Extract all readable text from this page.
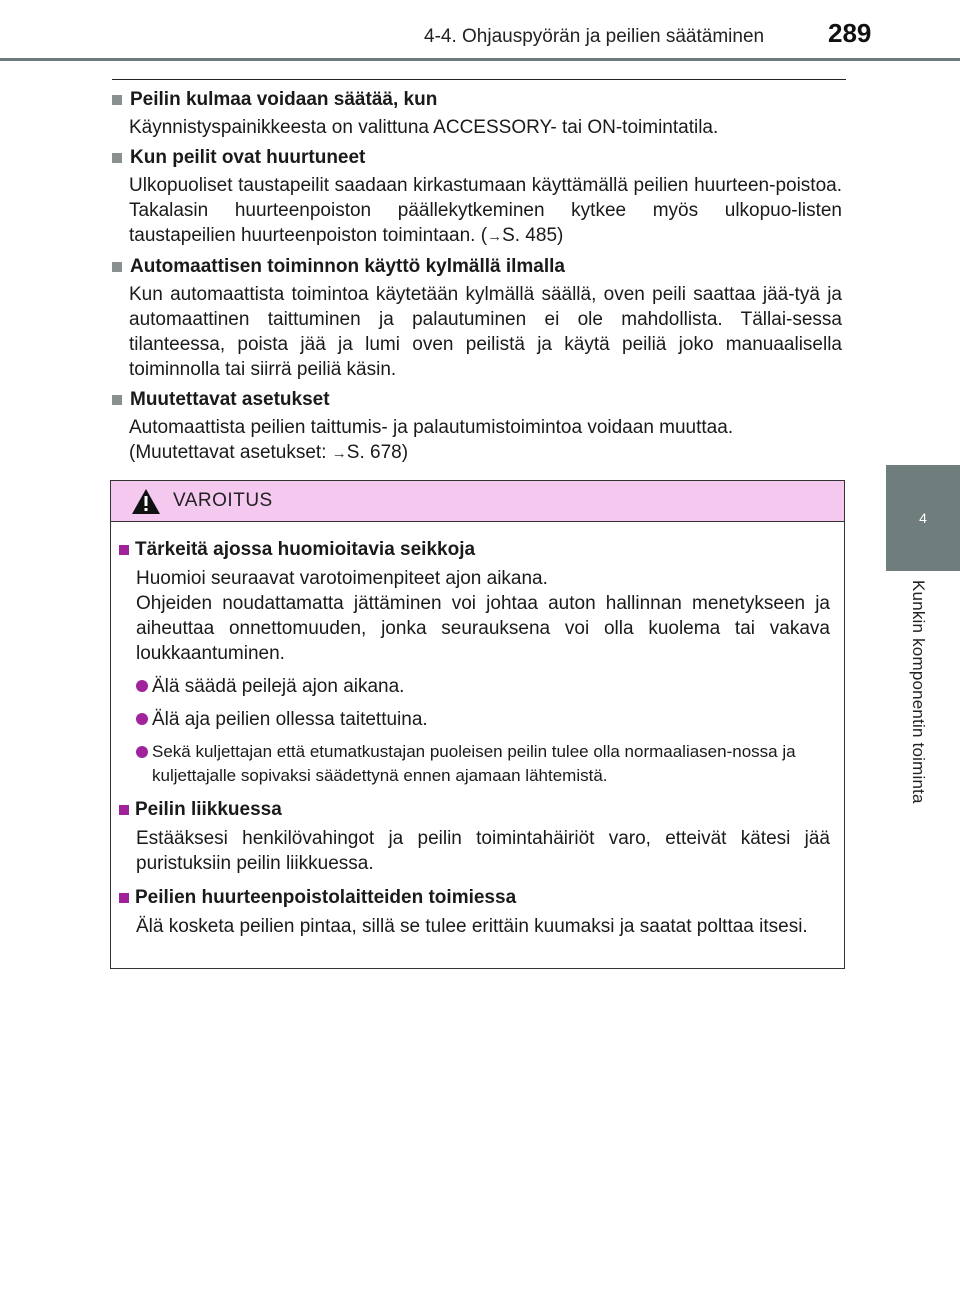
4-4. Ohjauspyörän ja peilien säätäminen 289
4
Kunkin komponentin toiminta
Peilin kulmaa voidaan säätää, kun
Käynnistyspainikkeesta on valittuna ACCESSORY- tai ON-toimintatila.
Kun peilit ovat huurtuneet
Ulkopuoliset taustapeilit saadaan kirkastumaan käyttämällä peilien huurteen-poistoa. Takalasin huurteenpoiston päällekytkeminen kytkee myös ulkopuo-listen taustapeilien huurteenpoiston toimintaan. (→S. 485)
Automaattisen toiminnon käyttö kylmällä ilmalla
Kun automaattista toimintoa käytetään kylmällä säällä, oven peili saattaa jää-tyä ja automaattinen taittuminen ja palautuminen ei ole mahdollista. Tällai-sessa tilanteessa, poista jää ja lumi oven peilistä ja käytä peiliä joko manuaalisella toiminnolla tai siirrä peiliä käsin.
Muutettavat asetukset
Automaattista peilien taittumis- ja palautumistoimintoa voidaan muuttaa.
(Muutettavat asetukset: →S. 678)
VAROITUS
Tärkeitä ajossa huomioitavia seikkoja
Huomioi seuraavat varotoimenpiteet ajon aikana.
Ohjeiden noudattamatta jättäminen voi johtaa auton hallinnan menetykseen ja aiheuttaa onnettomuuden, jonka seurauksena voi olla kuolema tai vakava loukkaantuminen.
Älä säädä peilejä ajon aikana.
Älä aja peilien ollessa taitettuina.
Sekä kuljettajan että etumatkustajan puoleisen peilin tulee olla normaaliasen-nossa ja kuljettajalle sopivaksi säädettynä ennen ajamaan lähtemistä.
Peilin liikkuessa
Estääksesi henkilövahingot ja peilin toimintahäiriöt varo, etteivät kätesi jää puristuksiin peilin liikkuessa.
Peilien huurteenpoistolaitteiden toimiessa
Älä kosketa peilien pintaa, sillä se tulee erittäin kuumaksi ja saatat polttaa itsesi.
